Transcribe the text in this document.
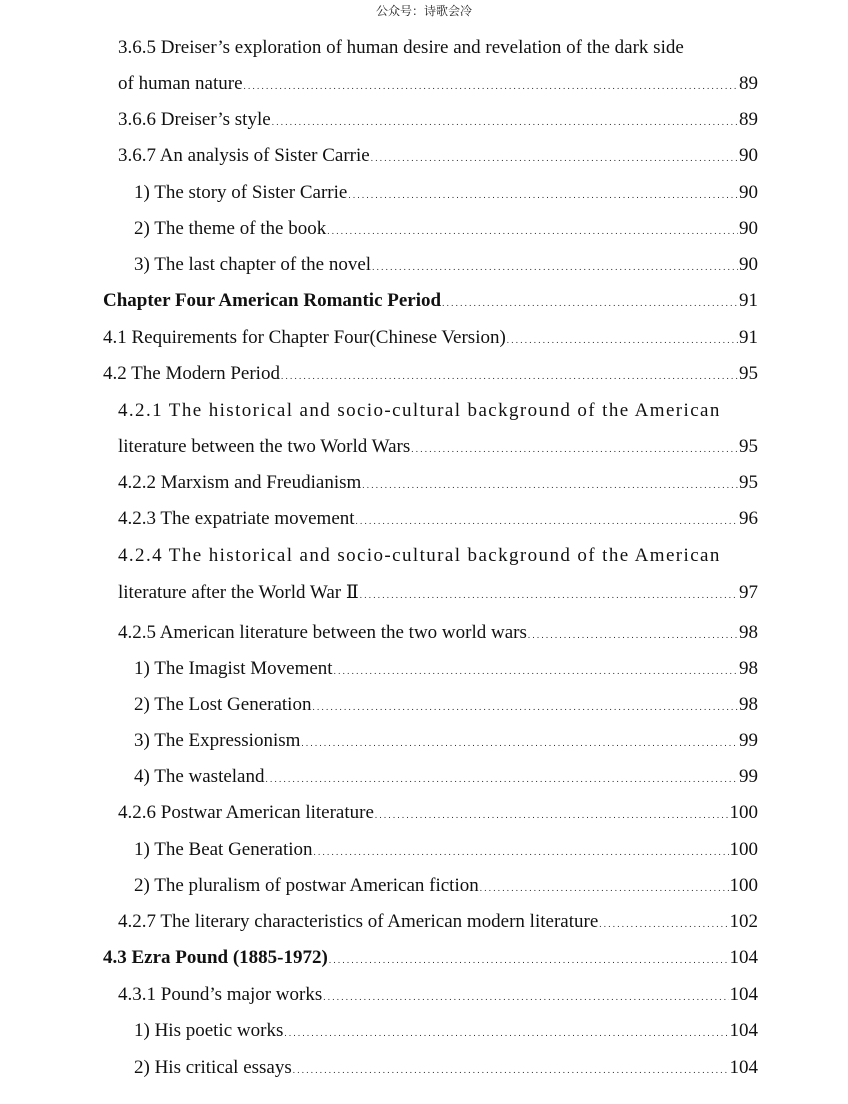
公众号：诗歌会冷
3.6.5 Dreiser’s exploration of human desire and revelation of the dark side
of human nature . . .	89
3.6.6 Dreiser’s style . . .	89
3.6.7 An analysis of Sister Carrie . . .	90
1) The story of Sister Carrie . . .	90
2) The theme of the book . . .	90
3) The last chapter of the novel . . .	90
Chapter Four American Romantic Period . . .	91
4.1 Requirements for Chapter Four(Chinese Version) . . .	91
4.2 The Modern Period . . .	95
4.2.1 The historical and socio-cultural background of the American
literature between the two World Wars . . .	95
4.2.2 Marxism and Freudianism . . .	95
4.2.3 The expatriate movement . . .	96
4.2.4 The historical and socio-cultural background of the American
literature after the World War Ⅱ . . .	97
4.2.5 American literature between the two world wars . . .	98
1) The Imagist Movement . . .	98
2) The Lost Generation . . .	98
3) The Expressionism . . .	99
4) The wasteland . . .	99
4.2.6 Postwar American literature . . .	100
1) The Beat Generation . . .	100
2) The pluralism of postwar American fiction . . .	100
4.2.7 The literary characteristics of American modern literature . . .	102
4.3 Ezra Pound (1885-1972) . . .	104
4.3.1 Pound’s major works . . .	104
1) His poetic works . . .	104
2) His critical essays . . .	104
